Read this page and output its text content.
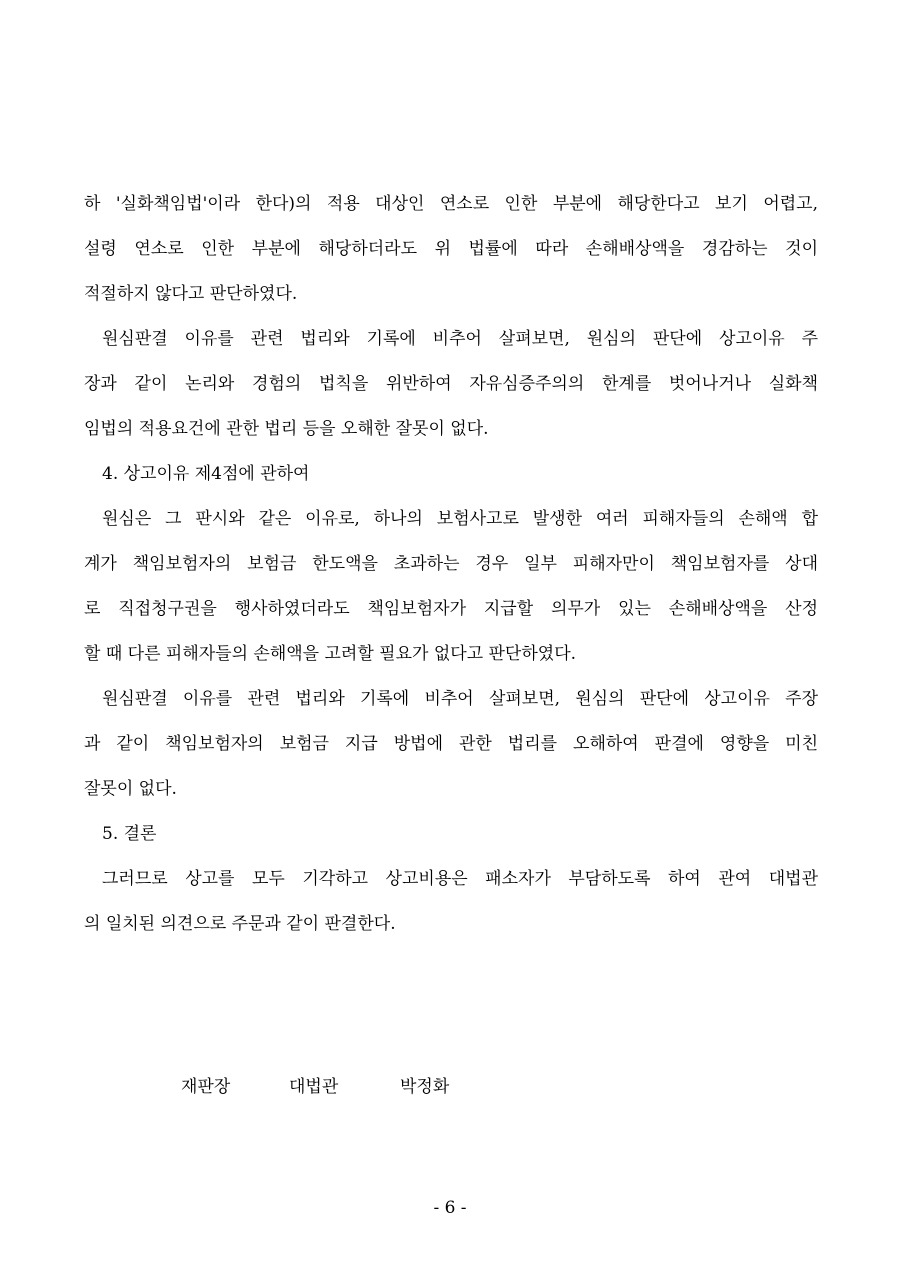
하 '실화책임법'이라 한다)의 적용 대상인 연소로 인한 부분에 해당한다고 보기 어렵고,
설령 연소로 인한 부분에 해당하더라도 위 법률에 따라 손해배상액을 경감하는 것이
적절하지 않다고 판단하였다.
원심판결 이유를 관련 법리와 기록에 비추어 살펴보면, 원심의 판단에 상고이유 주
장과 같이 논리와 경험의 법칙을 위반하여 자유심증주의의 한계를 벗어나거나 실화책
임법의 적용요건에 관한 법리 등을 오해한 잘못이 없다.
4. 상고이유 제4점에 관하여
원심은 그 판시와 같은 이유로, 하나의 보험사고로 발생한 여러 피해자들의 손해액 합
계가 책임보험자의 보험금 한도액을 초과하는 경우 일부 피해자만이 책임보험자를 상대
로 직접청구권을 행사하였더라도 책임보험자가 지급할 의무가 있는 손해배상액을 산정
할 때 다른 피해자들의 손해액을 고려할 필요가 없다고 판단하였다.
원심판결 이유를 관련 법리와 기록에 비추어 살펴보면, 원심의 판단에 상고이유 주장
과 같이 책임보험자의 보험금 지급 방법에 관한 법리를 오해하여 판결에 영향을 미친
잘못이 없다.
5. 결론
그러므로 상고를 모두 기각하고 상고비용은 패소자가 부담하도록 하여 관여 대법관
의 일치된 의견으로 주문과 같이 판결한다.
재판장	대법관	박정화
- 6 -
